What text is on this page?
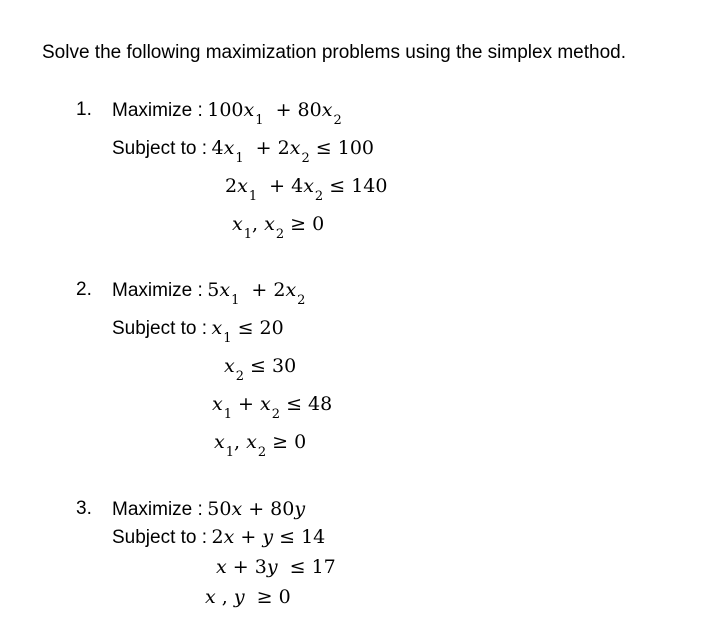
Solve the following maximization problems using the simplex method.
1. Maximize : $100x_1 + 80x_2$
Subject to : $4x_1 + 2x_2 \le 100$
$2x_1 + 4x_2 \le 140$
$x_1$, $x_2 \ge 0$
2. Maximize : $5x_1 + 2x_2$
Subject to : $x_1 \le 20$
$x_2 \le 30$
$x_1 + x_2 \le 48$
$x_1$, $x_2 \ge 0$
3. Maximize : 50x + 80y
Subject to : 2x + y ≤ 14
x + 3y ≤ 17
x , y ≥ 0
